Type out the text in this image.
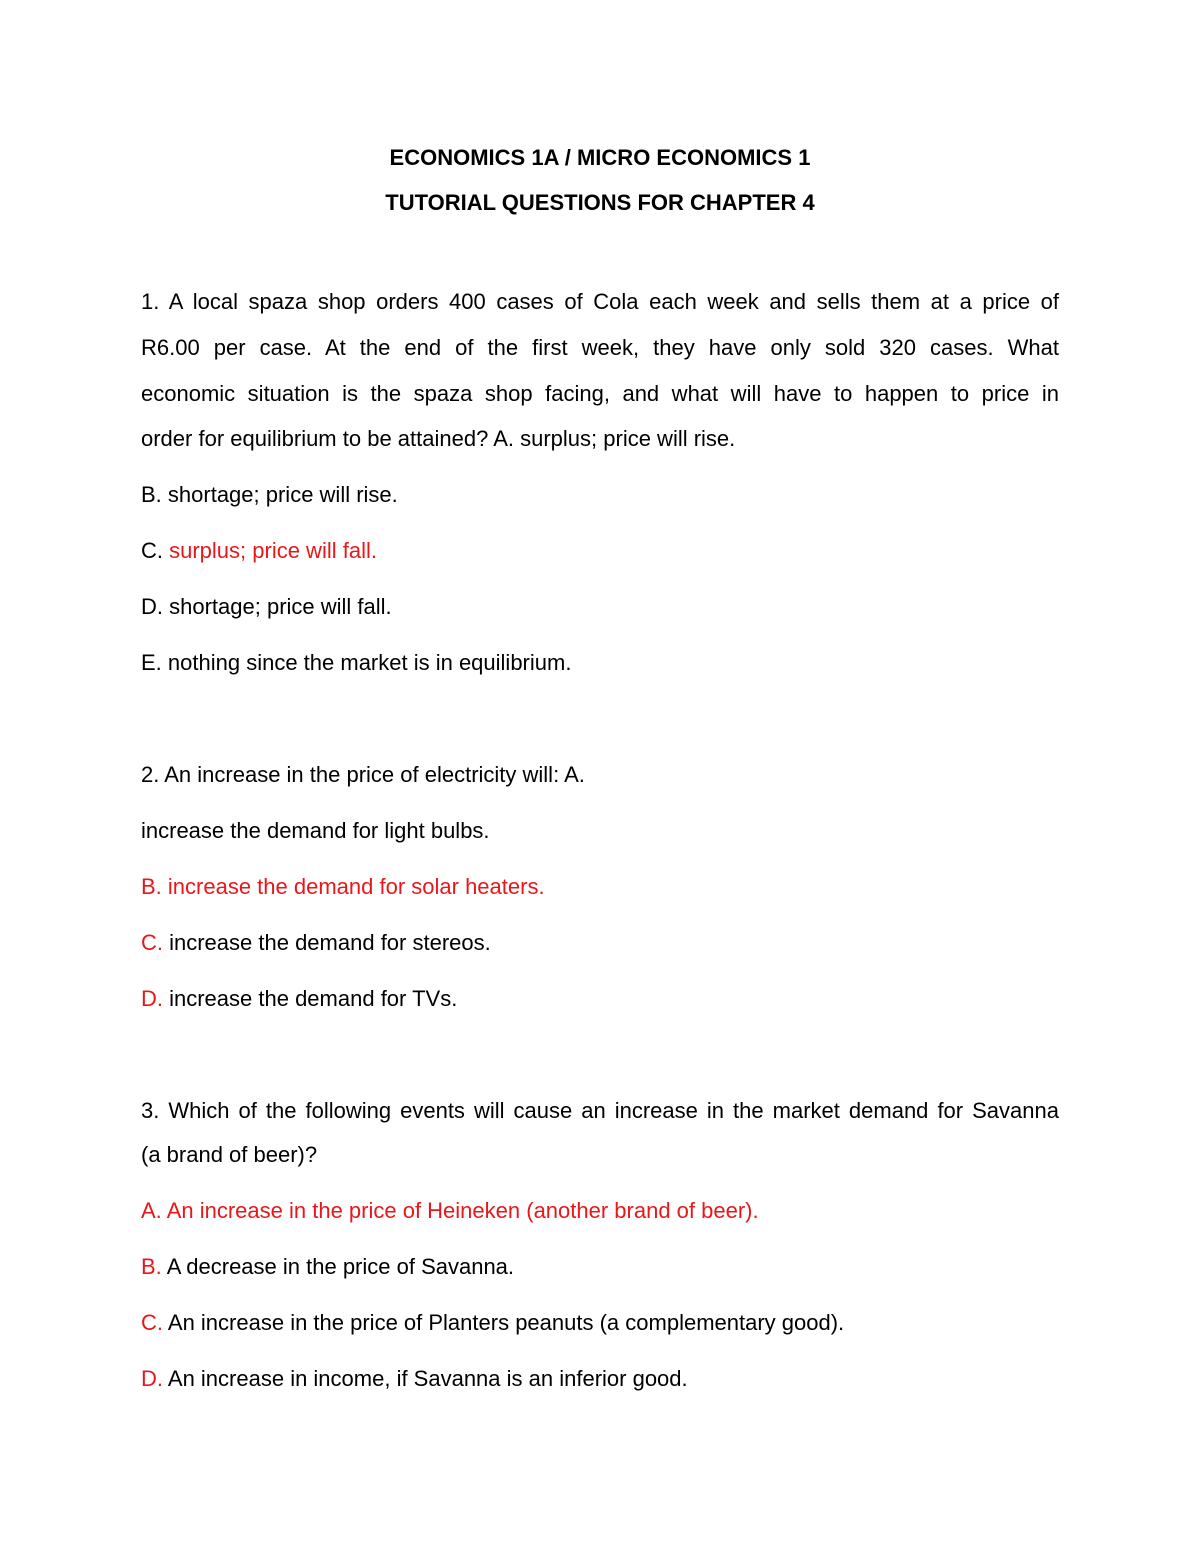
ECONOMICS 1A / MICRO ECONOMICS 1

TUTORIAL QUESTIONS FOR CHAPTER 4

1. A local spaza shop orders 400 cases of Cola each week and sells them at a price of

R6.00 per case. At the end of the first week, they have only sold 320 cases. What

economic situation is the spaza shop facing, and what will have to happen to price in

order for equilibrium to be attained? A. surplus; price will rise.

B. shortage; price will rise.

C. surplus; price will fall.

D. shortage; price will fall.

E. nothing since the market is in equilibrium.

2. An increase in the price of electricity will: A.

increase the demand for light bulbs.

B. increase the demand for solar heaters.

C. increase the demand for stereos.

D. increase the demand for TVs.

3. Which of the following events will cause an increase in the market demand for Savanna

(a brand of beer)?

A. An increase in the price of Heineken (another brand of beer).

B. A decrease in the price of Savanna.

C. An increase in the price of Planters peanuts (a complementary good).

D. An increase in income, if Savanna is an inferior good.
